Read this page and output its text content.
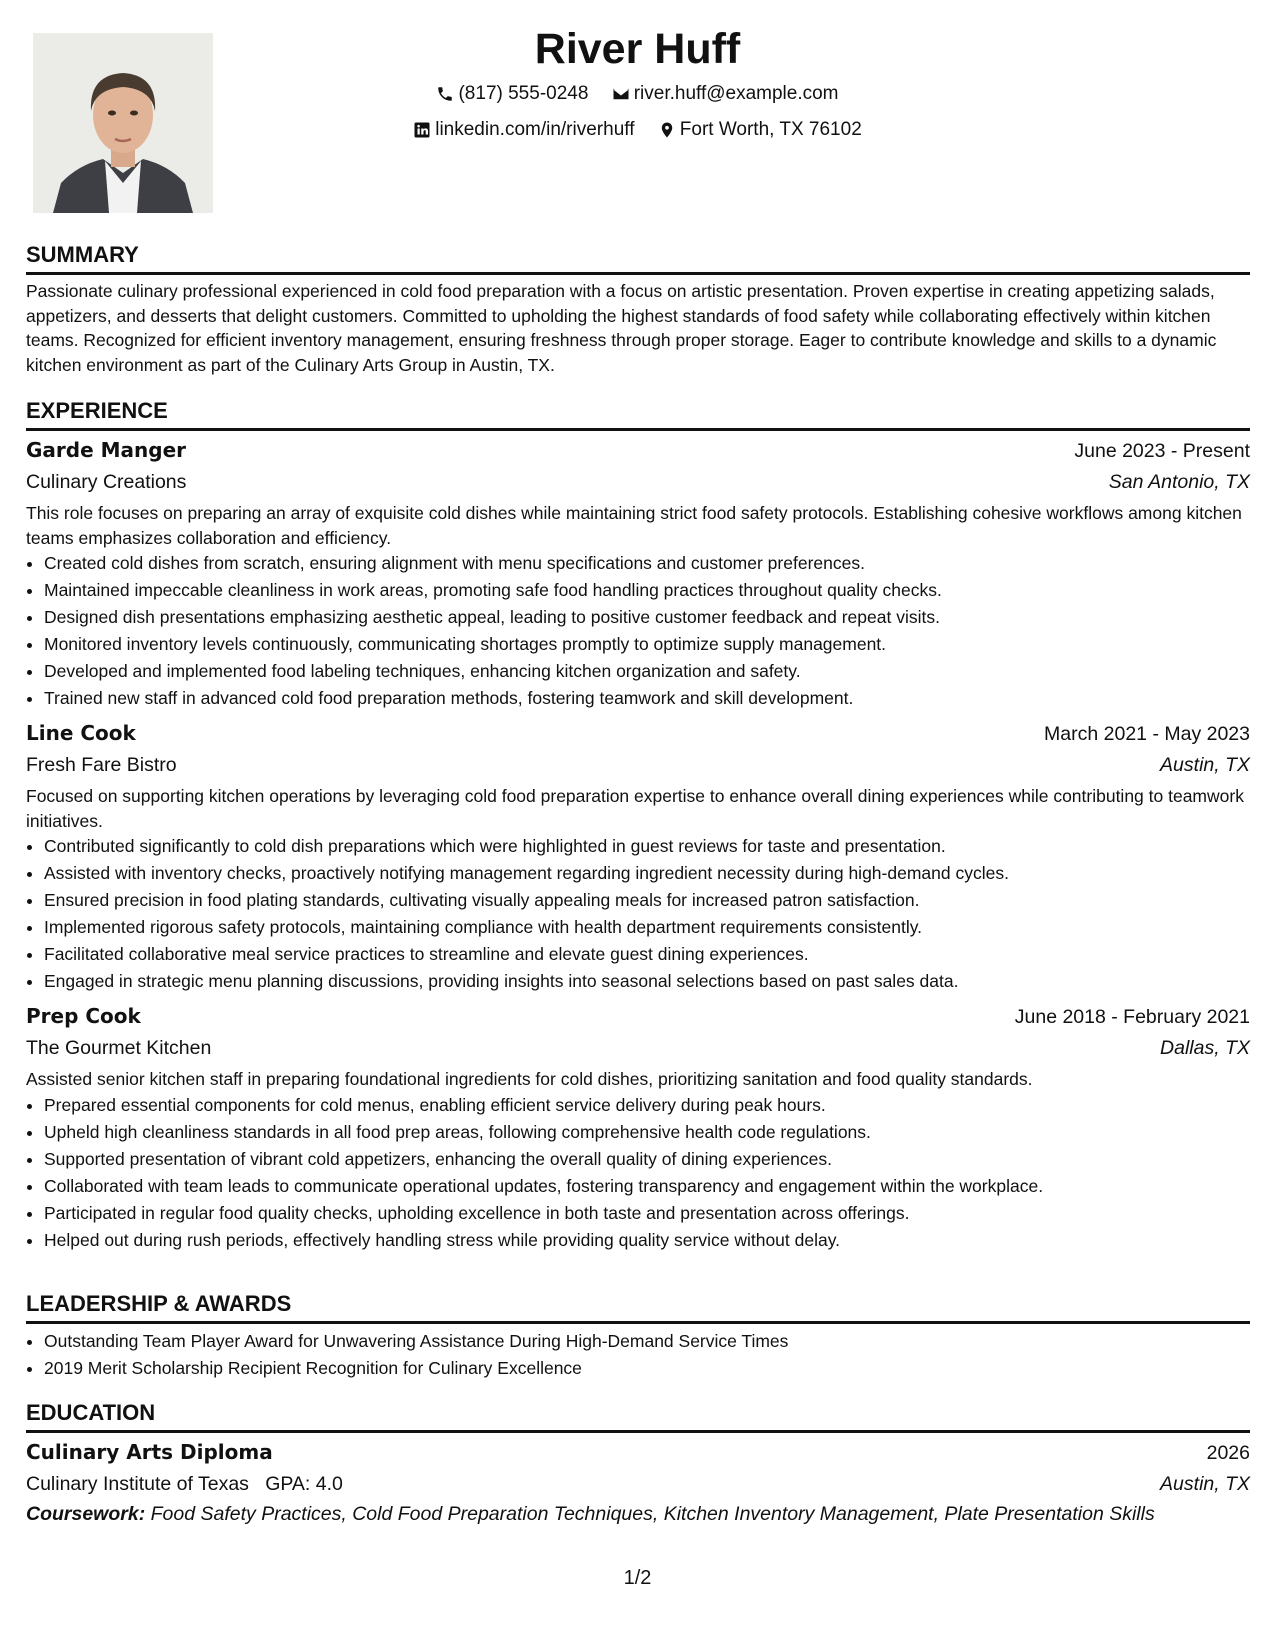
River Huff
(817) 555-0248
river.huff@example.com
linkedin.com/in/riverhuff
Fort Worth, TX 76102
SUMMARY

Passionate culinary professional experienced in cold food preparation with a focus on artistic presentation. Proven expertise in creating appetizing salads, appetizers, and desserts that delight customers. Committed to upholding the highest standards of food safety while collaborating effectively within kitchen teams. Recognized for efficient inventory management, ensuring freshness through proper storage. Eager to contribute knowledge and skills to a dynamic kitchen environment as part of the Culinary Arts Group in Austin, TX.

EXPERIENCE
Garde Manger	June 2023 - Present
Culinary Creations	San Antonio, TX

This role focuses on preparing an array of exquisite cold dishes while maintaining strict food safety protocols. Establishing cohesive workflows among kitchen teams emphasizes collaboration and efficiency.

• Created cold dishes from scratch, ensuring alignment with menu specifications and customer preferences.
• Maintained impeccable cleanliness in work areas, promoting safe food handling practices throughout quality checks.
• Designed dish presentations emphasizing aesthetic appeal, leading to positive customer feedback and repeat visits.
• Monitored inventory levels continuously, communicating shortages promptly to optimize supply management.
• Developed and implemented food labeling techniques, enhancing kitchen organization and safety.
• Trained new staff in advanced cold food preparation methods, fostering teamwork and skill development.
Line Cook	March 2021 - May 2023
Fresh Fare Bistro	Austin, TX

Focused on supporting kitchen operations by leveraging cold food preparation expertise to enhance overall dining experiences while contributing to teamwork initiatives.

• Contributed significantly to cold dish preparations which were highlighted in guest reviews for taste and presentation.
• Assisted with inventory checks, proactively notifying management regarding ingredient necessity during high-demand cycles.
• Ensured precision in food plating standards, cultivating visually appealing meals for increased patron satisfaction.
• Implemented rigorous safety protocols, maintaining compliance with health department requirements consistently.
• Facilitated collaborative meal service practices to streamline and elevate guest dining experiences.
• Engaged in strategic menu planning discussions, providing insights into seasonal selections based on past sales data.
Prep Cook	June 2018 - February 2021
The Gourmet Kitchen	Dallas, TX

Assisted senior kitchen staff in preparing foundational ingredients for cold dishes, prioritizing sanitation and food quality standards.

• Prepared essential components for cold menus, enabling efficient service delivery during peak hours.
• Upheld high cleanliness standards in all food prep areas, following comprehensive health code regulations.
• Supported presentation of vibrant cold appetizers, enhancing the overall quality of dining experiences.
• Collaborated with team leads to communicate operational updates, fostering transparency and engagement within the workplace.
• Participated in regular food quality checks, upholding excellence in both taste and presentation across offerings.
• Helped out during rush periods, effectively handling stress while providing quality service without delay.
LEADERSHIP & AWARDS
• Outstanding Team Player Award for Unwavering Assistance During High-Demand Service Times
• 2019 Merit Scholarship Recipient Recognition for Culinary Excellence
EDUCATION
Culinary Arts Diploma	2026
Culinary Institute of Texas GPA: 4.0	Austin, TX
Coursework: Food Safety Practices, Cold Food Preparation Techniques, Kitchen Inventory Management, Plate Presentation Skills
1/2
